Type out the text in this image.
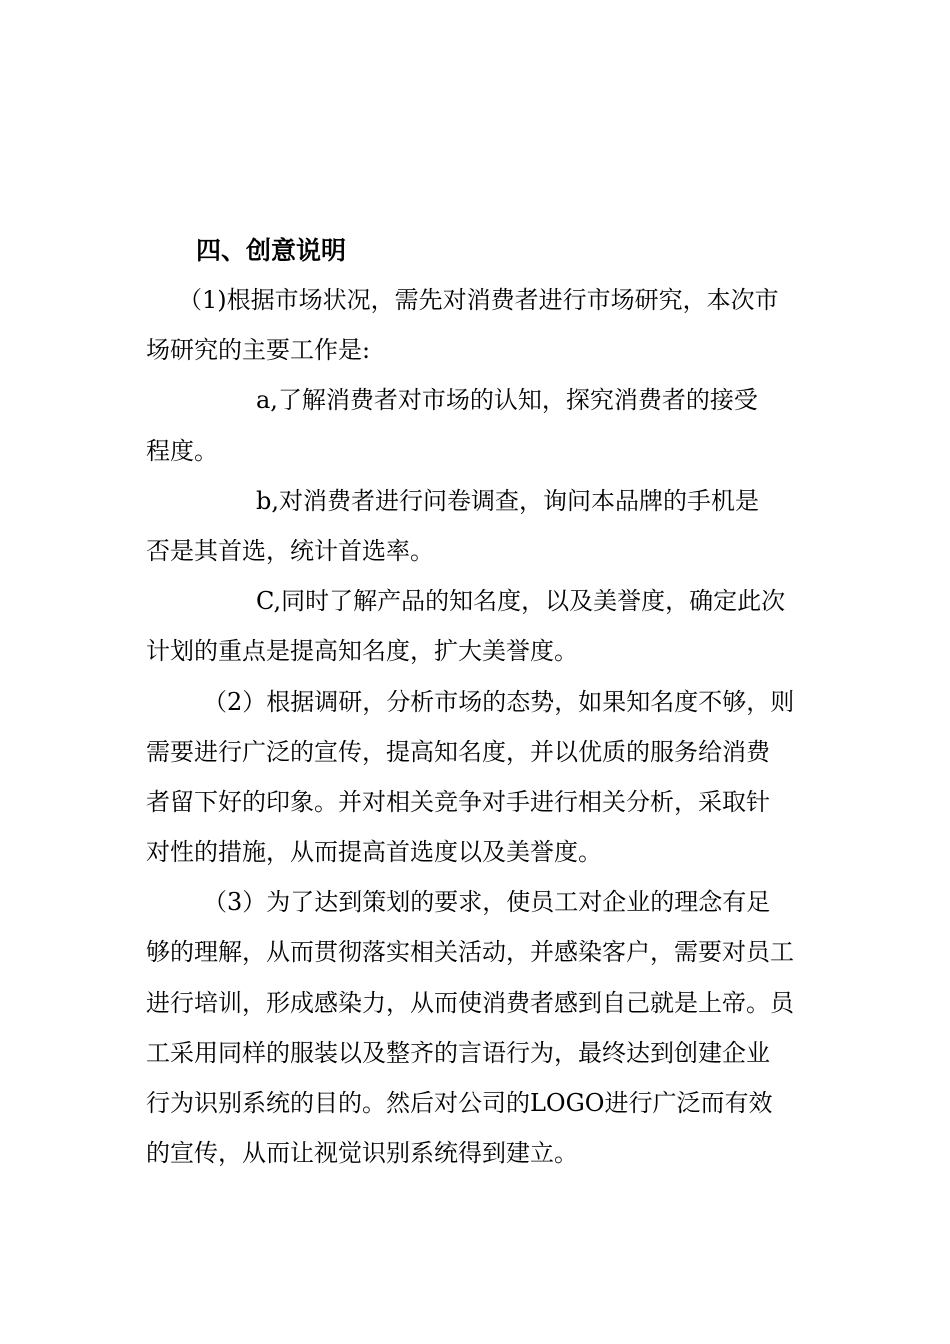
四、创意说明
（1)根据市场状况，需先对消费者进行市场研究，本次市
场研究的主要工作是:
a,了解消费者对市场的认知，探究消费者的接受
程度。
b,对消费者进行问卷调查，询问本品牌的手机是
否是其首选，统计首选率。
C,同时了解产品的知名度，以及美誉度，确定此次
计划的重点是提高知名度，扩大美誉度。
（2）根据调研，分析市场的态势，如果知名度不够，则
需要进行广泛的宣传，提高知名度，并以优质的服务给消费
者留下好的印象。并对相关竞争对手进行相关分析，采取针
对性的措施，从而提高首选度以及美誉度。
（3）为了达到策划的要求，使员工对企业的理念有足
够的理解，从而贯彻落实相关活动，并感染客户，需要对员工
进行培训，形成感染力，从而使消费者感到自己就是上帝。员
工采用同样的服装以及整齐的言语行为，最终达到创建企业
行为识别系统的目的。然后对公司的LOGO进行广泛而有效
的宣传，从而让视觉识别系统得到建立。
